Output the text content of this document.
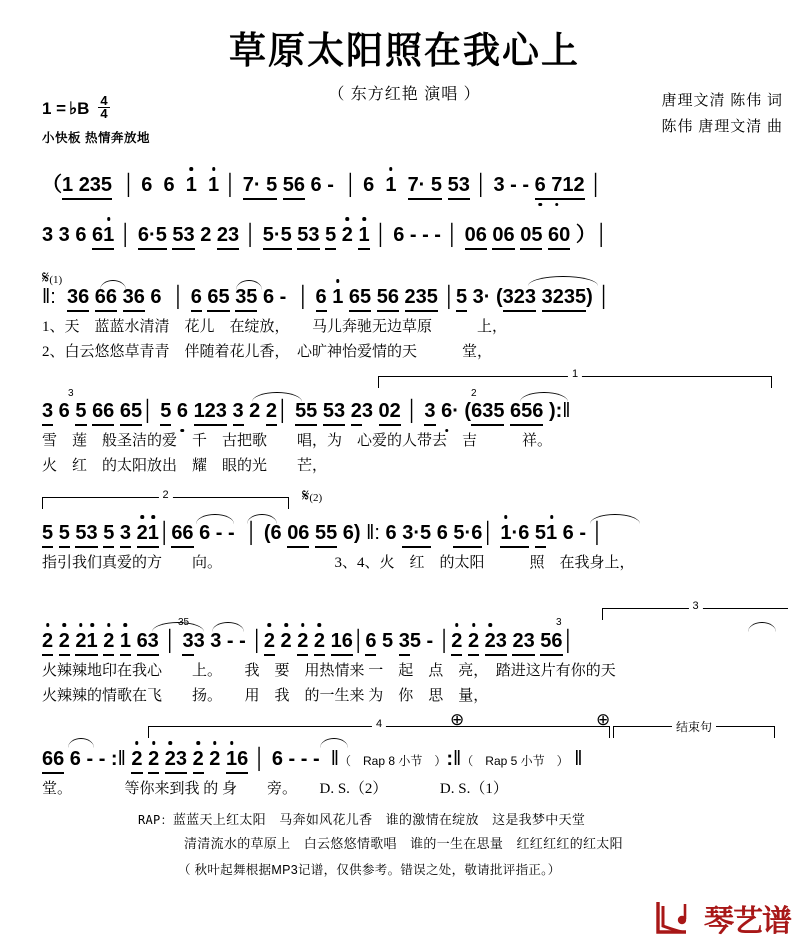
草原太阳照在我心上
（ 东方红艳 演唱 ）	唐理文清 陈伟 词
陈伟 唐理文清 曲
1 = ♭B $\frac{4}{4}$
小快板 热情奔放地
（1 235  │ 6  6  1 1 │ 7· 5 56 6 -  │ 6  1 7· 5 53 │ 3 - - 6 712 │
3 3 6 61 │ 6·5 53 2 23 │ 5·5 53 5 2 1 │ 6 - - - │ 06 06 05 60 ）│
𝄋(1)
‖: 36 66 36 6  │ 6 65 35 6 -  │ 6 1 65 56 235 │5 3· (323 3235) │
1、天　蓝蓝水清清　花儿　在绽放，　　马儿奔驰无边草原　　　上，
2、白云悠悠草青青　伴随着花儿香，　心旷神怡爱情的天　　　堂，
1
3	2
3 6 5 66 65│ 5 6 123 3 2 2│ 55 53 23 02 │ 3 6· (635 656 ):‖
雪　莲　般圣洁的爱　千　古把歌　　唱，为　心爱的人带去　吉　　　祥。
火　红　的太阳放出　耀　眼的光　　芒，
2	𝄋(2)
5 5 53 5 3 21│66 6 - -  │ (6 06 55 6) ‖: 6 3·5 6 5·6│ 1·6 51 6 - │
指引我们真爱的方　　向。　　　　　　　　3、4、火　红　的太阳　　　照　在我身上，
3
35	3
2 2 21 2 1 63 │ 33 3 - - │2 2 2 2 16│6 5 35 - │2 2 23 23 56│
火辣辣地印在我心　　上。　　我　要　用热情来 一　起　点　亮，　踏进这片有你的天
火辣辣的情歌在飞　　扬。　　用　我　的一生来 为　你　思　量，
⊕	⊕
4	结束句
66 6 - - :‖ 2 2 23 2 2 16 │ 6 - - -  ‖（　Rap 8 小节　）:‖（　Rap 5 小节　） ‖
堂。　　　　等你来到我 的 身　　旁。　　D. S.（2）　　　　D. S.（1）
RAP：蓝蓝天上红太阳　马奔如风花儿香　谁的激情在绽放　这是我梦中天堂
清清流水的草原上　白云悠悠情歌唱　谁的一生在思量　红红红红的红太阳
（ 秋叶起舞根据MP3记谱，仅供参考。错误之处，敬请批评指正。）
琴艺谱
